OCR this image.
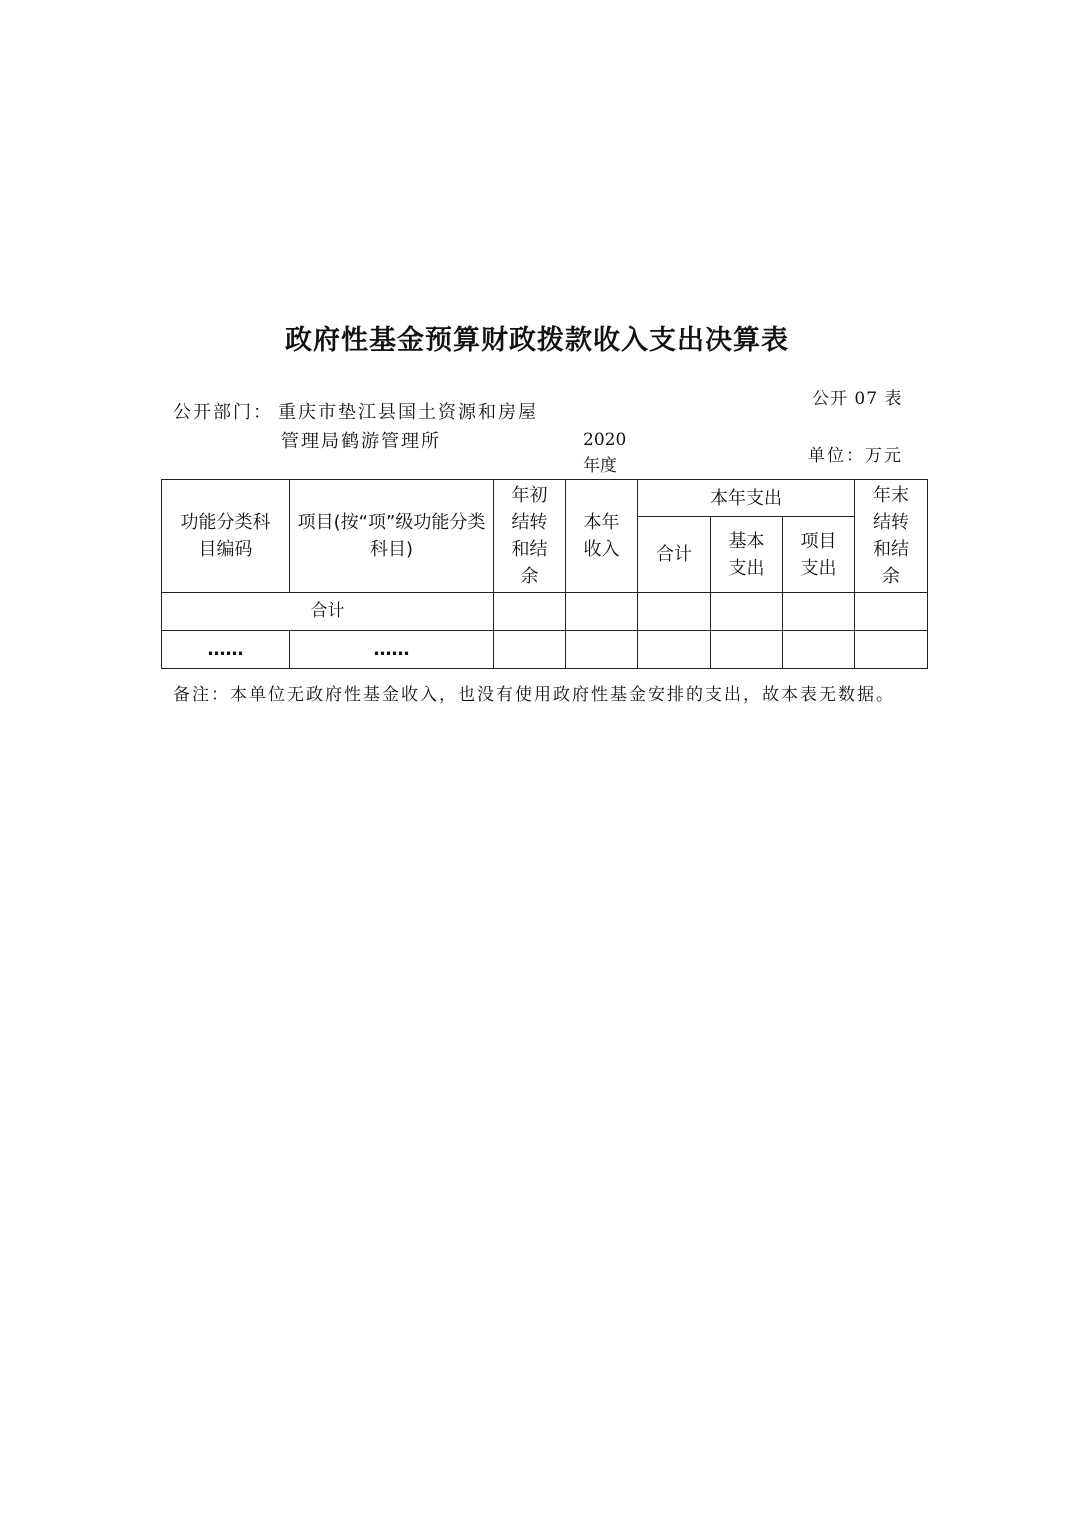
政府性基金预算财政拨款收入支出决算表
公开 07 表
公开部门： 重庆市垫江县国土资源和房屋
管理局鹤游管理所	2020
年度	单位：万元
功能分类科目编码	项目(按“项”级功能分类科目)	年初结转和结余	本年收入	本年支出			年末结转和结余

				合计	基本支出	项目支出	

合计							
……	……						
备注：本单位无政府性基金收入，也没有使用政府性基金安排的支出，故本表无数据。
